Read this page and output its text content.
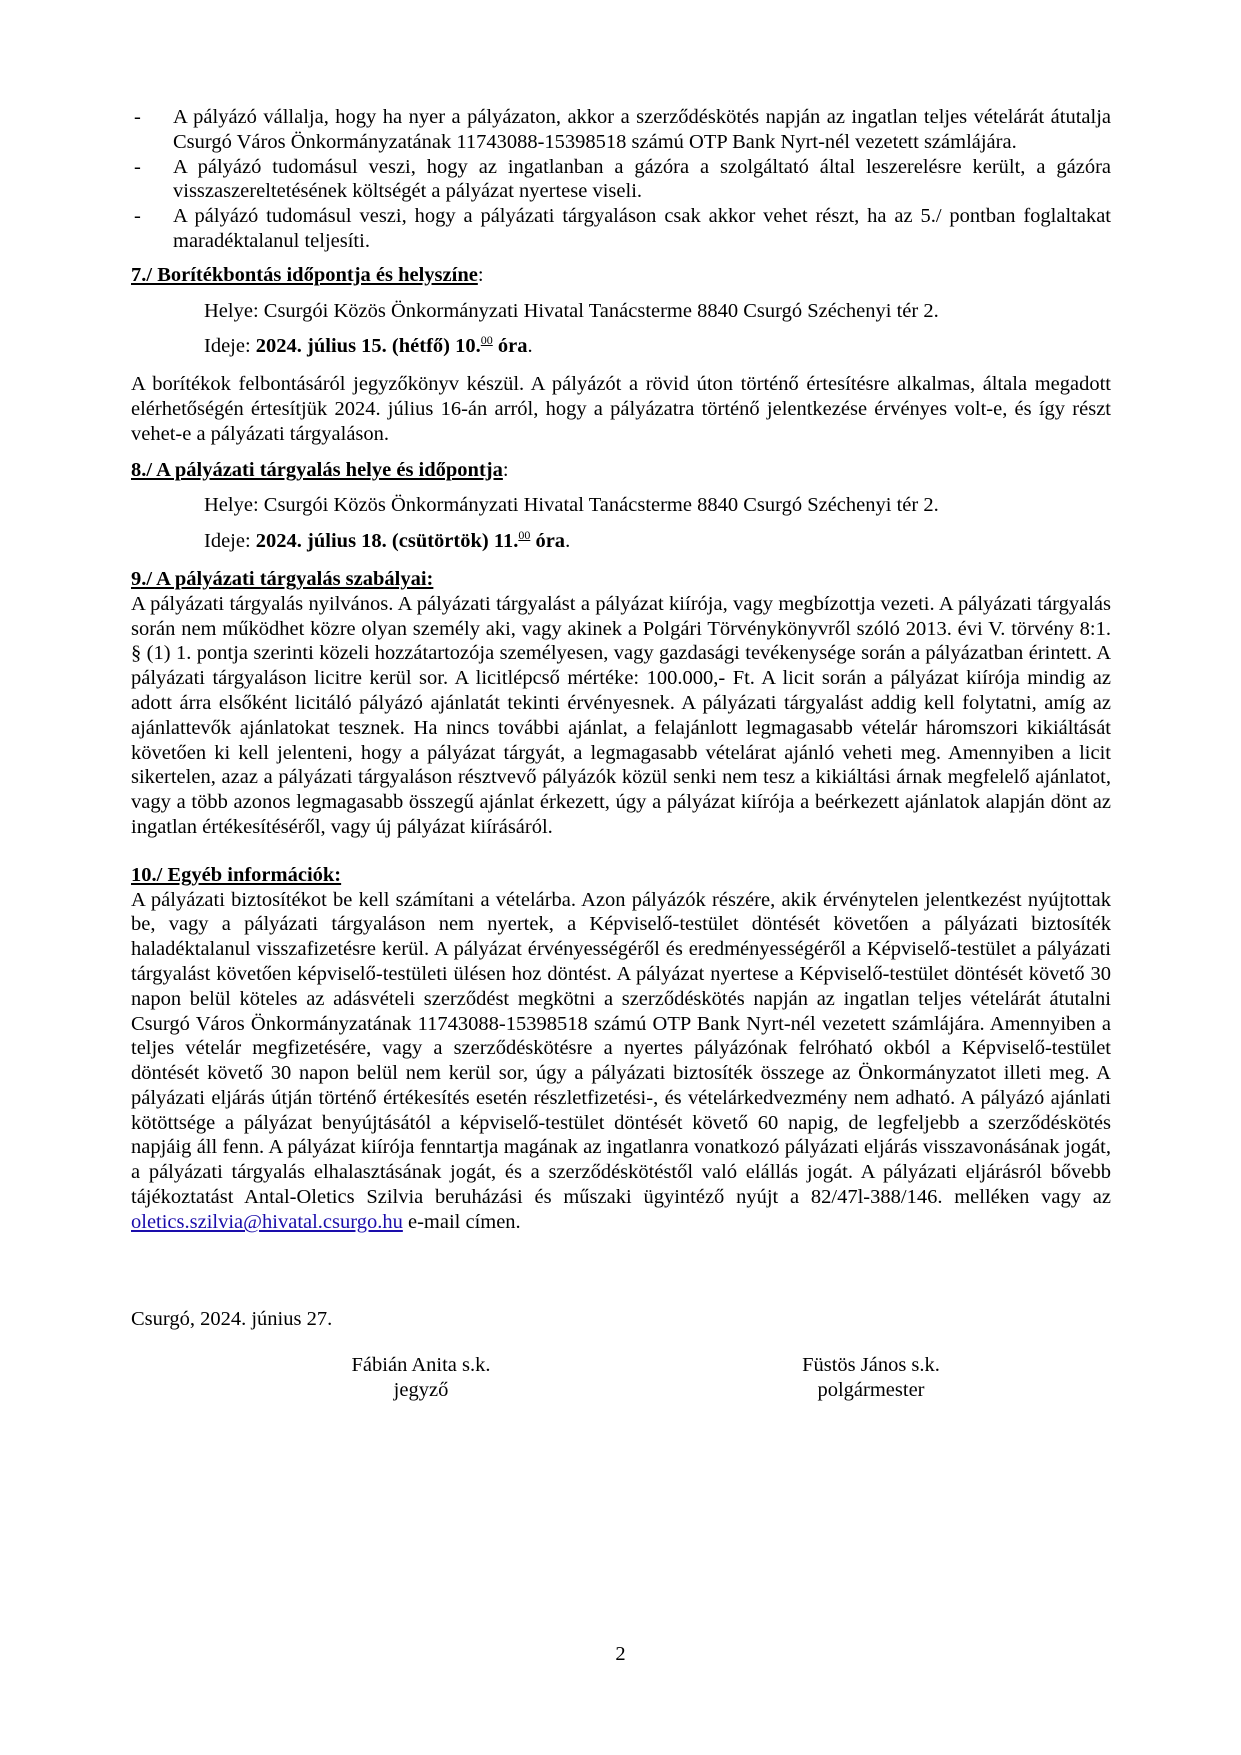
- A pályázó vállalja, hogy ha nyer a pályázaton, akkor a szerződéskötés napján az ingatlan teljes vételárát átutalja Csurgó Város Önkormányzatának 11743088-15398518 számú OTP Bank Nyrt-nél vezetett számlájára.
- A pályázó tudomásul veszi, hogy az ingatlanban a gázóra a szolgáltató által leszerelésre került, a gázóra visszaszereltetésének költségét a pályázat nyertese viseli.
- A pályázó tudomásul veszi, hogy a pályázati tárgyaláson csak akkor vehet részt, ha az 5./ pontban foglaltakat maradéktalanul teljesíti.

7./ Borítékbontás időpontja és helyszíne:

Helye: Csurgói Közös Önkormányzati Hivatal Tanácsterme 8840 Csurgó Széchenyi tér 2.

Ideje: 2024. július 15. (hétfő) 10.00 óra.

A borítékok felbontásáról jegyzőkönyv készül. A pályázót a rövid úton történő értesítésre alkalmas, általa megadott elérhetőségén értesítjük 2024. július 16-án arról, hogy a pályázatra történő jelentkezése érvényes volt-e, és így részt vehet-e a pályázati tárgyaláson.

8./ A pályázati tárgyalás helye és időpontja:

Helye: Csurgói Közös Önkormányzati Hivatal Tanácsterme 8840 Csurgó Széchenyi tér 2.

Ideje: 2024. július 18. (csütörtök) 11.00 óra.

9./ A pályázati tárgyalás szabályai:

A pályázati tárgyalás nyilvános. A pályázati tárgyalást a pályázat kiírója, vagy megbízottja vezeti. A pályázati tárgyalás során nem működhet közre olyan személy aki, vagy akinek a Polgári Törvénykönyvről szóló 2013. évi V. törvény 8:1. § (1) 1. pontja szerinti közeli hozzátartozója személyesen, vagy gazdasági tevékenysége során a pályázatban érintett. A pályázati tárgyaláson licitre kerül sor. A licitlépcső mértéke: 100.000,- Ft. A licit során a pályázat kiírója mindig az adott árra elsőként licitáló pályázó ajánlatát tekinti érvényesnek. A pályázati tárgyalást addig kell folytatni, amíg az ajánlattevők ajánlatokat tesznek. Ha nincs további ajánlat, a felajánlott legmagasabb vételár háromszori kikiáltását követően ki kell jelenteni, hogy a pályázat tárgyát, a legmagasabb vételárat ajánló veheti meg. Amennyiben a licit sikertelen, azaz a pályázati tárgyaláson résztvevő pályázók közül senki nem tesz a kikiáltási árnak megfelelő ajánlatot, vagy a több azonos legmagasabb összegű ajánlat érkezett, úgy a pályázat kiírója a beérkezett ajánlatok alapján dönt az ingatlan értékesítéséről, vagy új pályázat kiírásáról.

10./ Egyéb információk:

A pályázati biztosítékot be kell számítani a vételárba. Azon pályázók részére, akik érvénytelen jelentkezést nyújtottak be, vagy a pályázati tárgyaláson nem nyertek, a Képviselő-testület döntését követően a pályázati biztosíték haladéktalanul visszafizetésre kerül. A pályázat érvényességéről és eredményességéről a Képviselő-testület a pályázati tárgyalást követően képviselő-testületi ülésen hoz döntést. A pályázat nyertese a Képviselő-testület döntését követő 30 napon belül köteles az adásvételi szerződést megkötni a szerződéskötés napján az ingatlan teljes vételárát átutalni Csurgó Város Önkormányzatának 11743088-15398518 számú OTP Bank Nyrt-nél vezetett számlájára. Amennyiben a teljes vételár megfizetésére, vagy a szerződéskötésre a nyertes pályázónak felróható okból a Képviselő-testület döntését követő 30 napon belül nem kerül sor, úgy a pályázati biztosíték összege az Önkormányzatot illeti meg. A pályázati eljárás útján történő értékesítés esetén részletfizetési-, és vételárkedvezmény nem adható. A pályázó ajánlati kötöttsége a pályázat benyújtásától a képviselő-testület döntését követő 60 napig, de legfeljebb a szerződéskötés napjáig áll fenn. A pályázat kiírója fenntartja magának az ingatlanra vonatkozó pályázati eljárás visszavonásának jogát, a pályázati tárgyalás elhalasztásának jogát, és a szerződéskötéstől való elállás jogát. A pályázati eljárásról bővebb tájékoztatást Antal-Oletics Szilvia beruházási és műszaki ügyintéző nyújt a 82/47l-388/146. melléken vagy az oletics.szilvia@hivatal.csurgo.hu e-mail címen.

Csurgó, 2024. június 27.

Fábián Anita s.k.
jegyző
Füstös János s.k.
polgármester
2
